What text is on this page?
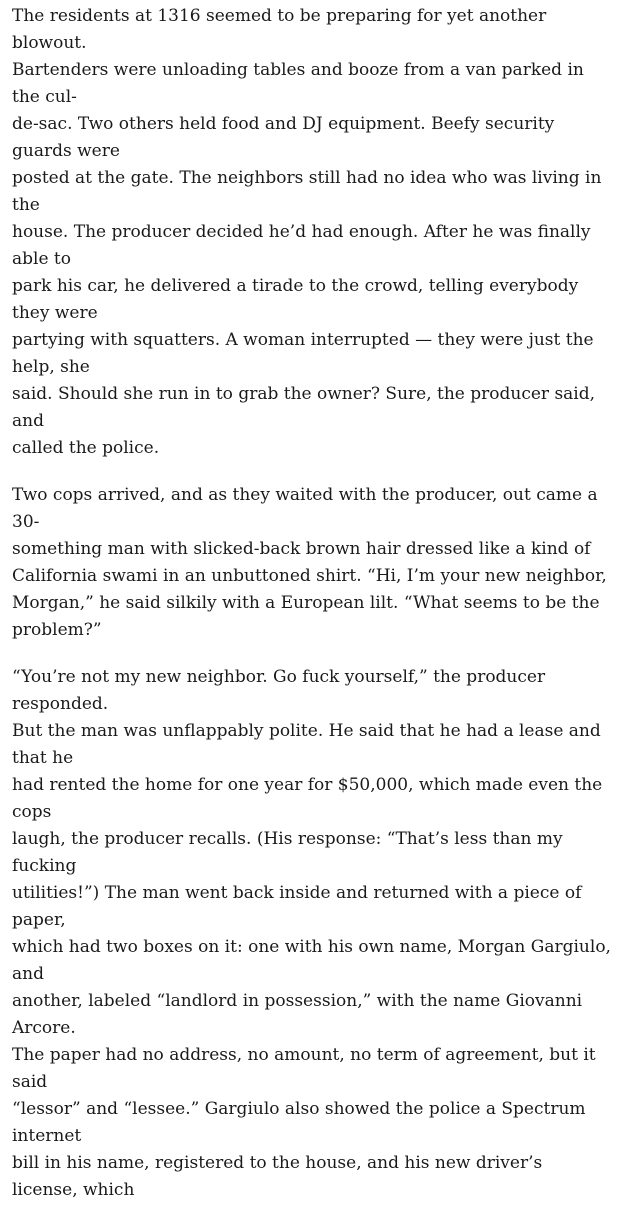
The residents at 1316 seemed to be preparing for yet another blowout.
Bartenders were unloading tables and booze from a van parked in the cul-
de-sac. Two others held food and DJ equipment. Beefy security guards were
posted at the gate. The neighbors still had no idea who was living in the
house. The producer decided he’d had enough. After he was finally able to
park his car, he delivered a tirade to the crowd, telling everybody they were
partying with squatters. A woman interrupted — they were just the help, she
said. Should she run in to grab the owner? Sure, the producer said, and
called the police.

Two cops arrived, and as they waited with the producer, out came a 30-
something man with slicked-back brown hair dressed like a kind of
California swami in an unbuttoned shirt. “Hi, I’m your new neighbor,
Morgan,” he said silkily with a European lilt. “What seems to be the
problem?”

“You’re not my new neighbor. Go fuck yourself,” the producer responded.
But the man was unflappably polite. He said that he had a lease and that he
had rented the home for one year for $50,000, which made even the cops
laugh, the producer recalls. (His response: “That’s less than my fucking
utilities!”) The man went back inside and returned with a piece of paper,
which had two boxes on it: one with his own name, Morgan Gargiulo, and
another, labeled “landlord in possession,” with the name Giovanni Arcore.
The paper had no address, no amount, no term of agreement, but it said
“lessor” and “lessee.” Gargiulo also showed the police a Spectrum internet
bill in his name, registered to the house, and his new driver’s license, which
